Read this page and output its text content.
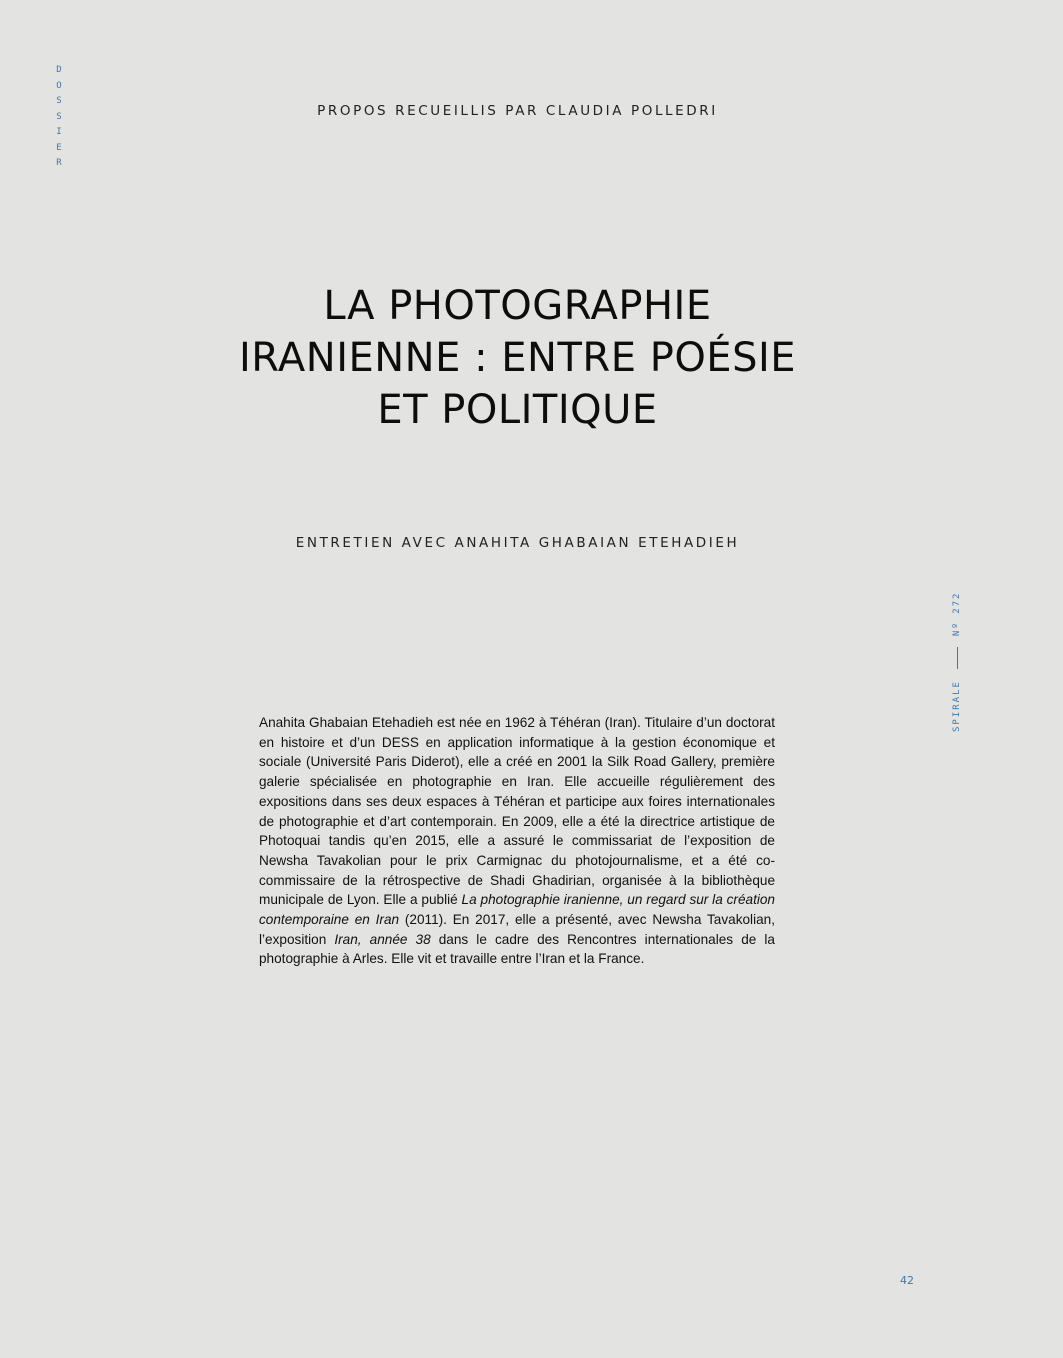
D
O
S
S
I
E
R
PROPOS RECUEILLIS PAR CLAUDIA POLLEDRI
LA PHOTOGRAPHIE
IRANIENNE : ENTRE POÉSIE
ET POLITIQUE
ENTRETIEN AVEC ANAHITA GHABAIAN ETEHADIEH
SPIRALE
Nº 272

Anahita Ghabaian Etehadieh est née en 1962 à Téhéran (Iran). Titulaire d’un doctorat en histoire et d’un DESS en application informatique à la gestion économique et sociale (Université Paris Diderot), elle a créé en 2001 la Silk Road Gallery, première galerie spécialisée en photographie en Iran. Elle accueille régulièrement des expositions dans ses deux espaces à Téhéran et participe aux foires internationales de photographie et d’art contemporain. En 2009, elle a été la directrice artistique de Photoquai tandis qu’en 2015, elle a assuré le commissariat de l’exposition de Newsha Tavakolian pour le prix Carmignac du photojournalisme, et a été co-commissaire de la rétrospective de Shadi Ghadirian, organisée à la bibliothèque municipale de Lyon. Elle a publié La photographie iranienne, un regard sur la création contemporaine en Iran (2011). En 2017, elle a présenté, avec Newsha Tavakolian, l’exposition Iran, année 38 dans le cadre des Rencontres internationales de la photographie à Arles. Elle vit et travaille entre l’Iran et la France.

42
